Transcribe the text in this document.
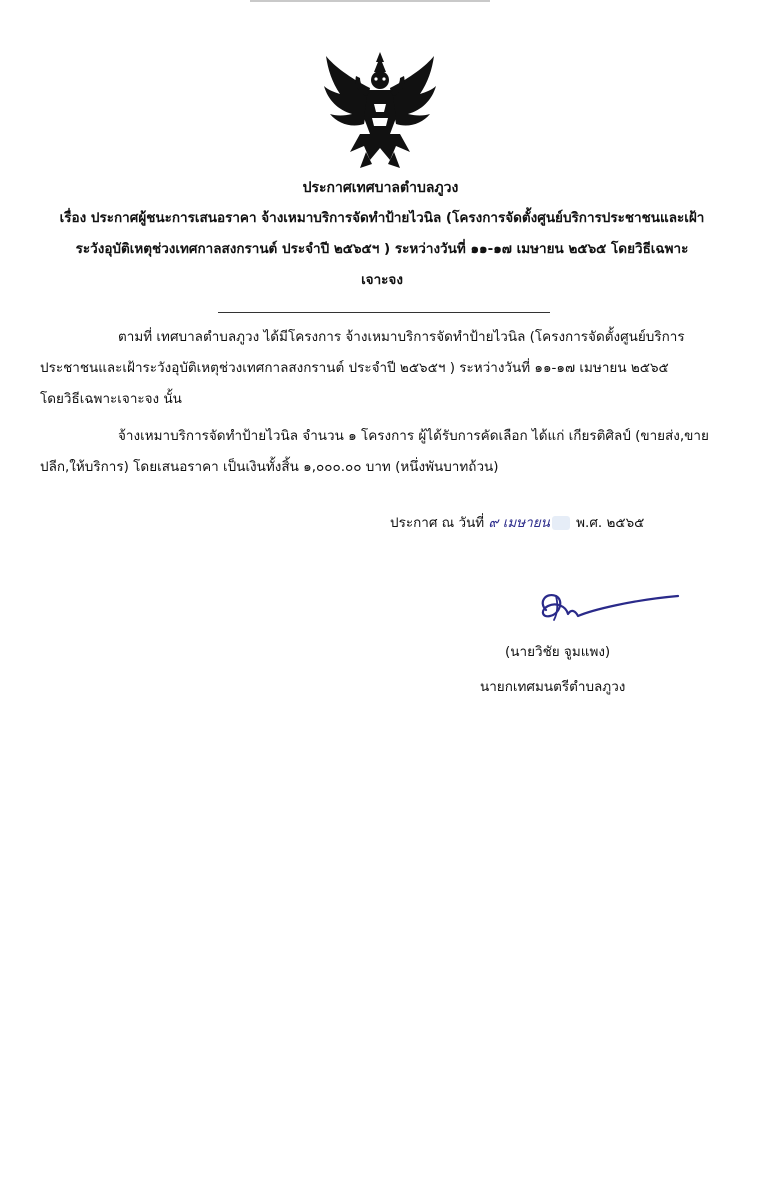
ประกาศเทศบาลตำบลภูวง
เรื่อง ประกาศผู้ชนะการเสนอราคา จ้างเหมาบริการจัดทำป้ายไวนิล (โครงการจัดตั้งศูนย์บริการประชาชนและเฝ้า
ระวังอุบัติเหตุช่วงเทศกาลสงกรานต์ ประจำปี ๒๕๖๕ฯ ) ระหว่างวันที่ ๑๑-๑๗ เมษายน ๒๕๖๕ โดยวิธีเฉพาะ
เจาะจง
ตามที่ เทศบาลตำบลภูวง ได้มีโครงการ จ้างเหมาบริการจัดทำป้ายไวนิล (โครงการจัดตั้งศูนย์บริการ
ประชาชนและเฝ้าระวังอุบัติเหตุช่วงเทศกาลสงกรานต์ ประจำปี ๒๕๖๕ฯ ) ระหว่างวันที่ ๑๑-๑๗ เมษายน ๒๕๖๕
โดยวิธีเฉพาะเจาะจง นั้น
จ้างเหมาบริการจัดทำป้ายไวนิล จำนวน ๑ โครงการ ผู้ได้รับการคัดเลือก ได้แก่ เกียรติศิลป์ (ขายส่ง,ขาย
ปลีก,ให้บริการ) โดยเสนอราคา เป็นเงินทั้งสิ้น ๑,๐๐๐.๐๐ บาท (หนึ่งพันบาทถ้วน)
ประกาศ ณ วันที่ ๙ เมษายน พ.ศ. ๒๕๖๕
(นายวิชัย จูมแพง)
นายกเทศมนตรีตำบลภูวง
